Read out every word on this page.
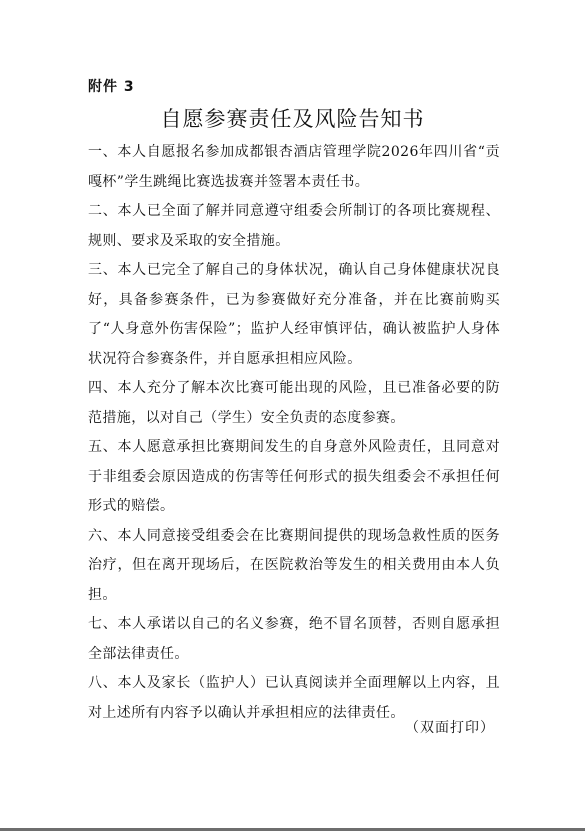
附件 3
自愿参赛责任及风险告知书

一、本人自愿报名参加成都银杏酒店管理学院2026年四川省“贡嘎杯”学生跳绳比赛选拔赛并签署本责任书。

二、本人已全面了解并同意遵守组委会所制订的各项比赛规程、规则、要求及采取的安全措施。

三、本人已完全了解自己的身体状况，确认自己身体健康状况良好，具备参赛条件，已为参赛做好充分准备，并在比赛前购买了“人身意外伤害保险”；监护人经审慎评估，确认被监护人身体状况符合参赛条件，并自愿承担相应风险。

四、本人充分了解本次比赛可能出现的风险，且已准备必要的防范措施，以对自己（学生）安全负责的态度参赛。

五、本人愿意承担比赛期间发生的自身意外风险责任，且同意对于非组委会原因造成的伤害等任何形式的损失组委会不承担任何形式的赔偿。

六、本人同意接受组委会在比赛期间提供的现场急救性质的医务治疗，但在离开现场后，在医院救治等发生的相关费用由本人负担。

七、本人承诺以自己的名义参赛，绝不冒名顶替，否则自愿承担全部法律责任。

八、本人及家长（监护人）已认真阅读并全面理解以上内容，且对上述所有内容予以确认并承担相应的法律责任。

（双面打印）
